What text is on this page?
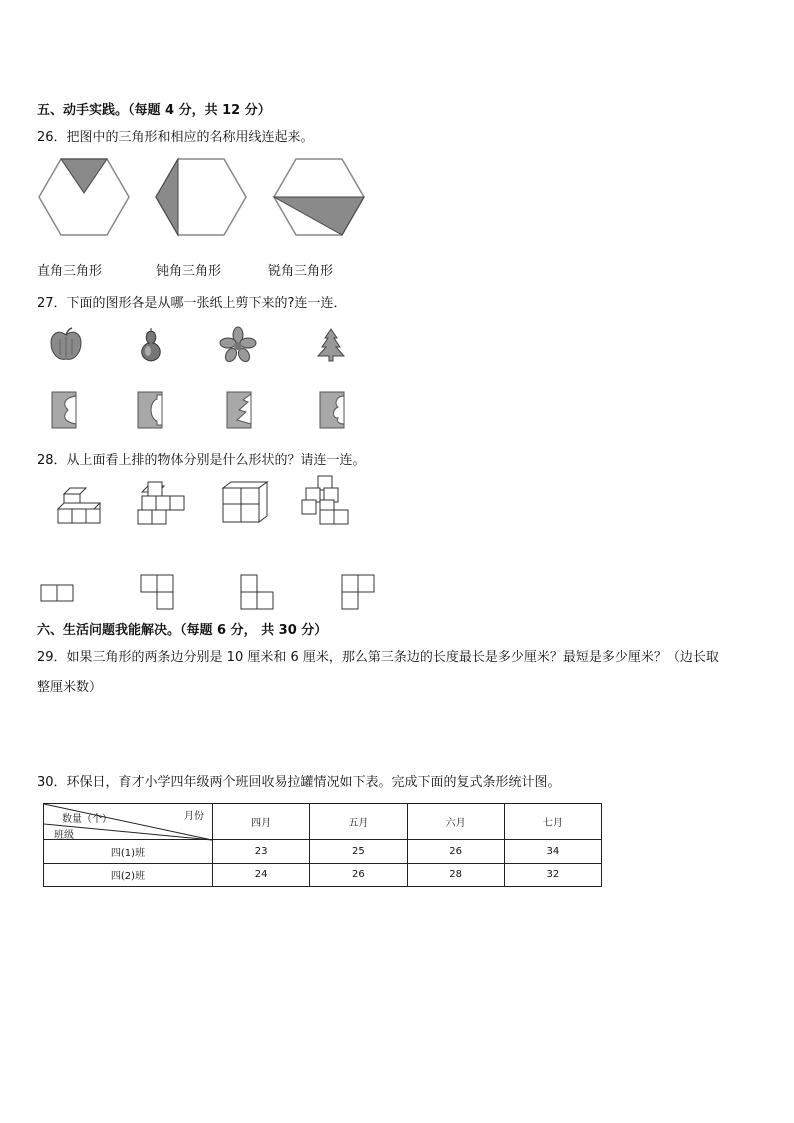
五、动手实践。（每题 4 分，共 12 分）
26．把图中的三角形和相应的名称用线连起来。
直角三角形	钝角三角形	锐角三角形
27．下面的图形各是从哪一张纸上剪下来的?连一连．
28．从上面看上排的物体分别是什么形状的？请连一连。
六、生活问题我能解决。（每题 6 分， 共 30 分）
29．如果三角形的两条边分别是 10 厘米和 6 厘米，那么第三条边的长度最长是多少厘米？最短是多少厘米？（边长取
整厘米数）
30．环保日，育才小学四年级两个班回收易拉罐情况如下表。完成下面的复式条形统计图。
月份
数量（个）
班级	四月	五月	六月	七月
四(1)班	23	25	26	34
四(2)班	24	26	28	32
